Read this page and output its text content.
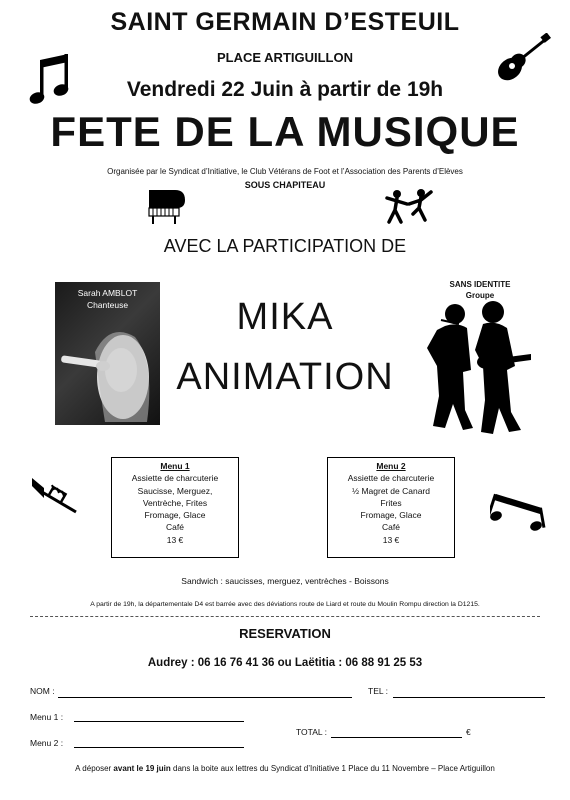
SAINT GERMAIN D’ESTEUIL
PLACE ARTIGUILLON
Vendredi 22 Juin à partir de 19h
FETE DE LA MUSIQUE
Organisée par le Syndicat d’Initiative, le Club Vétérans de Foot et l’Association des Parents d’Elèves
SOUS CHAPITEAU
AVEC LA PARTICIPATION DE
Sarah AMBLOT
Chanteuse	MIKA
ANIMATION
SANS IDENTITE
Groupe
Menu 1
Assiette de charcuterie
Saucisse, Merguez,
Ventrèche, Frites
Fromage, Glace
Café
13 €
Menu 2
Assiette de charcuterie
½ Magret de Canard
Frites
Fromage, Glace
Café
13 €
Sandwich : saucisses, merguez, ventrèches - Boissons
A partir de 19h, la départementale D4 est barrée avec des déviations route de Liard et route du Moulin Rompu direction la D1215.
RESERVATION
Audrey : 06 16 76 41 36 ou Laëtitia : 06 88 91 25 53
NOM :	TEL :
Menu 1 :
TOTAL :	€
Menu 2 :
A déposer avant le 19 juin dans la boite aux lettres du Syndicat d’Initiative 1 Place du 11 Novembre – Place Artiguillon
